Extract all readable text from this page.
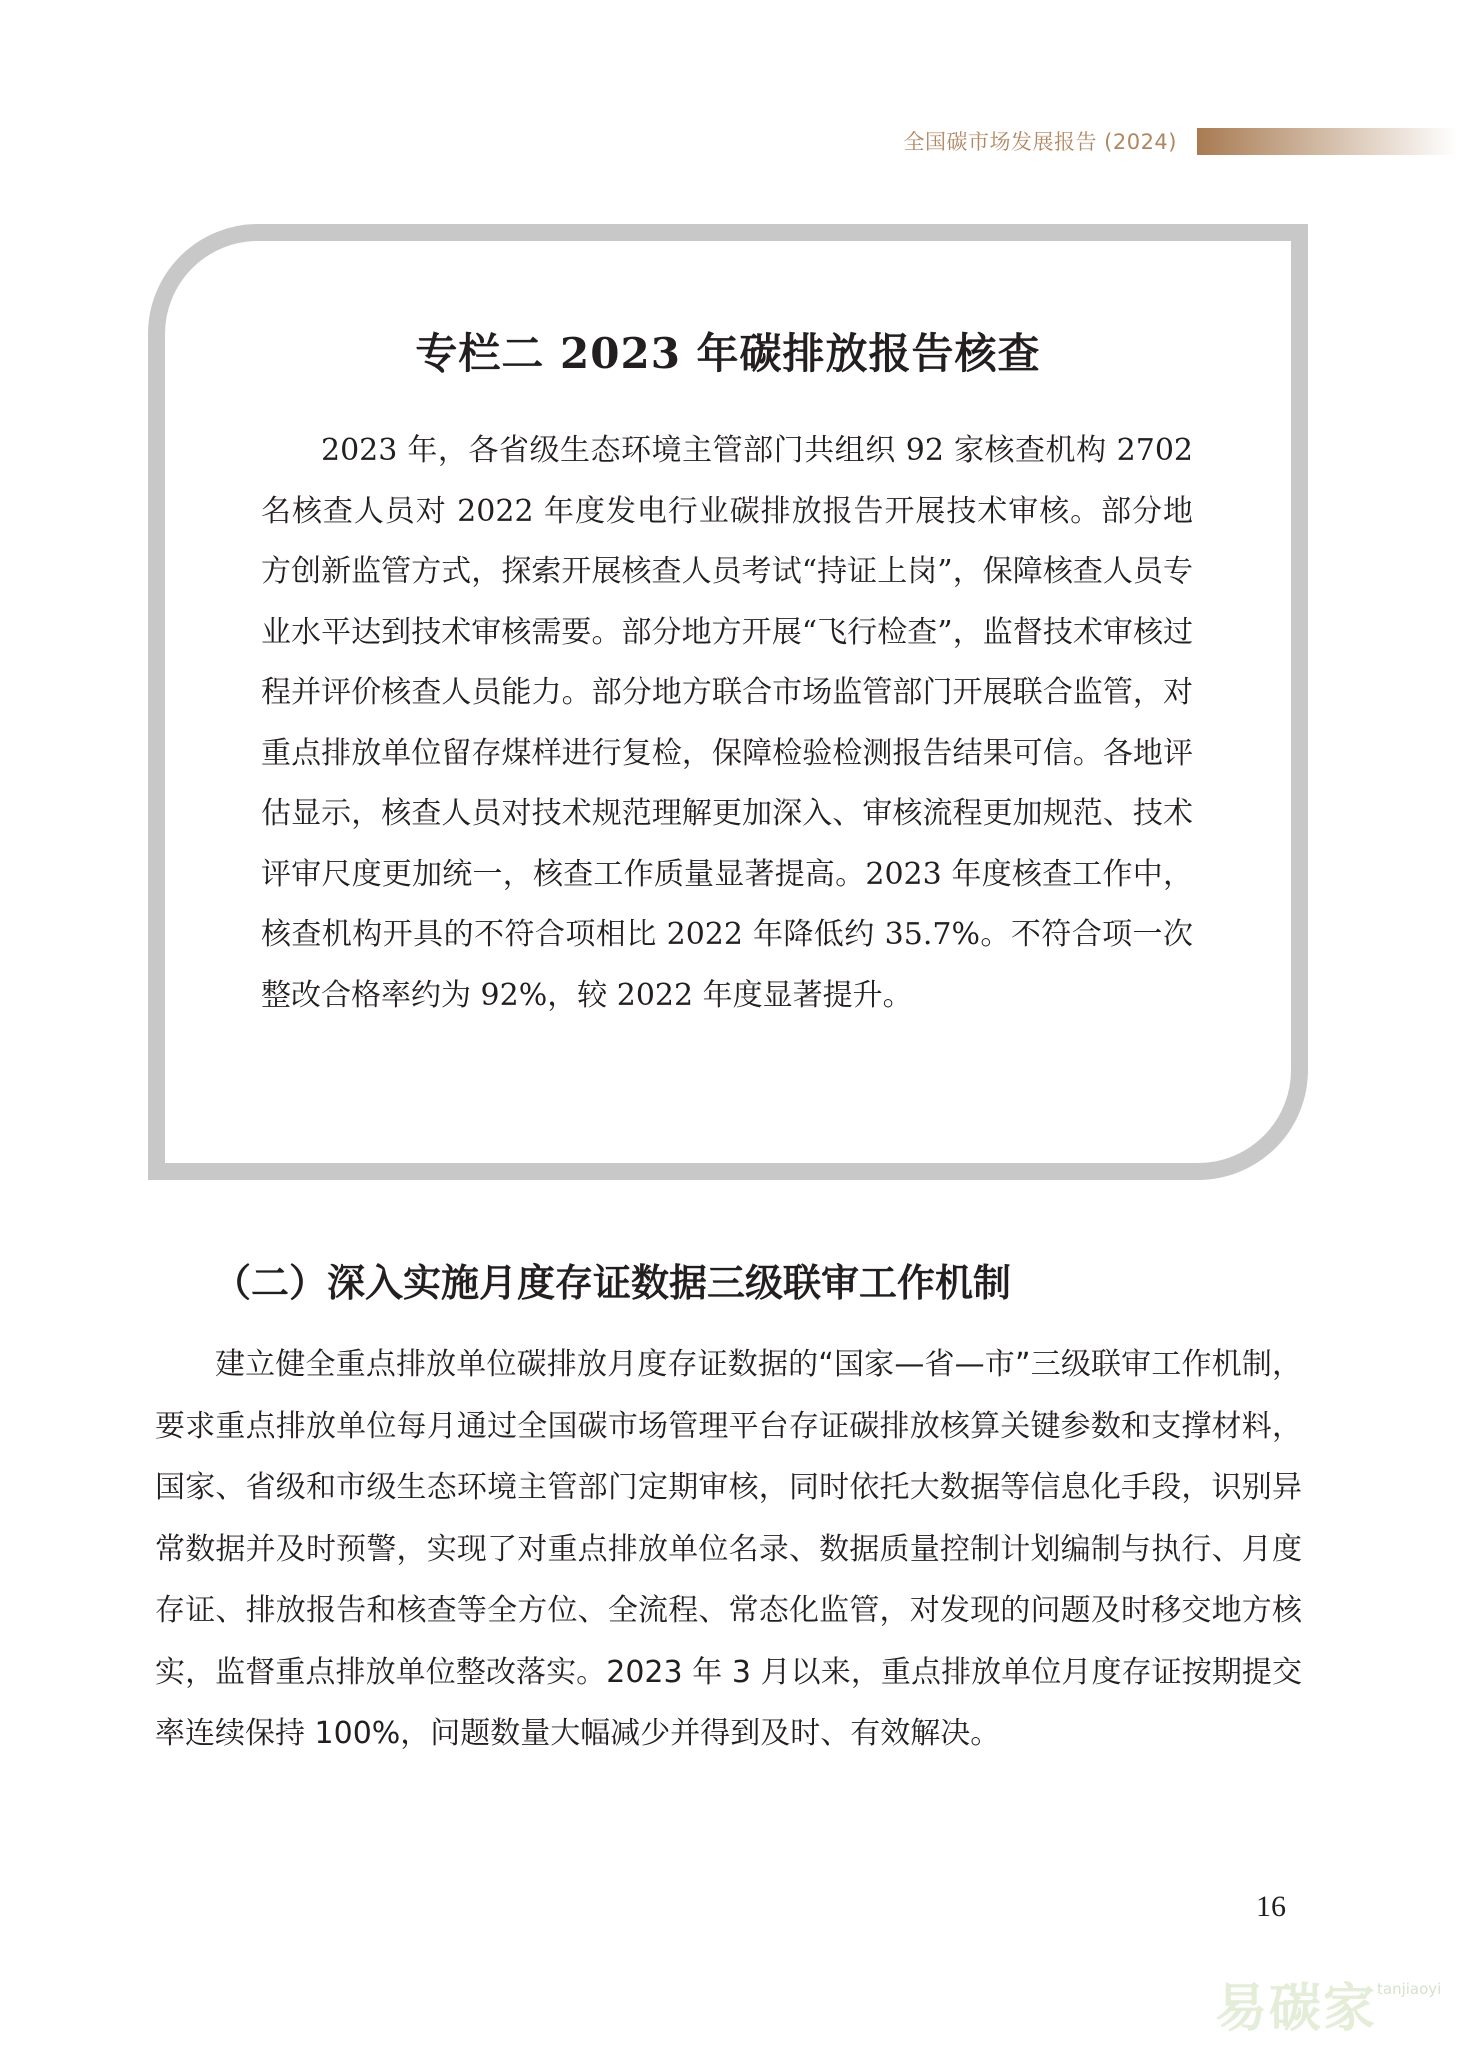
全国碳市场发展报告 (2024)
专栏二 2023 年碳排放报告核查

2023 年，各省级生态环境主管部门共组织 92 家核查机构 2702 名核查人员对 2022 年度发电行业碳排放报告开展技术审核。部分地方创新监管方式，探索开展核查人员考试“持证上岗”，保障核查人员专业水平达到技术审核需要。部分地方开展“飞行检查”，监督技术审核过程并评价核查人员能力。部分地方联合市场监管部门开展联合监管，对重点排放单位留存煤样进行复检，保障检验检测报告结果可信。各地评估显示，核查人员对技术规范理解更加深入、审核流程更加规范、技术评审尺度更加统一，核查工作质量显著提高。2023 年度核查工作中，核查机构开具的不符合项相比 2022 年降低约 35.7%。不符合项一次整改合格率约为 92%，较 2022 年度显著提升。

（二）深入实施月度存证数据三级联审工作机制

建立健全重点排放单位碳排放月度存证数据的“国家—省—市”三级联审工作机制，要求重点排放单位每月通过全国碳市场管理平台存证碳排放核算关键参数和支撑材料，国家、省级和市级生态环境主管部门定期审核，同时依托大数据等信息化手段，识别异常数据并及时预警，实现了对重点排放单位名录、数据质量控制计划编制与执行、月度存证、排放报告和核查等全方位、全流程、常态化监管，对发现的问题及时移交地方核实，监督重点排放单位整改落实。2023 年 3 月以来，重点排放单位月度存证按期提交率连续保持 100%，问题数量大幅减少并得到及时、有效解决。

16
易碳家 tanjiaoyi
